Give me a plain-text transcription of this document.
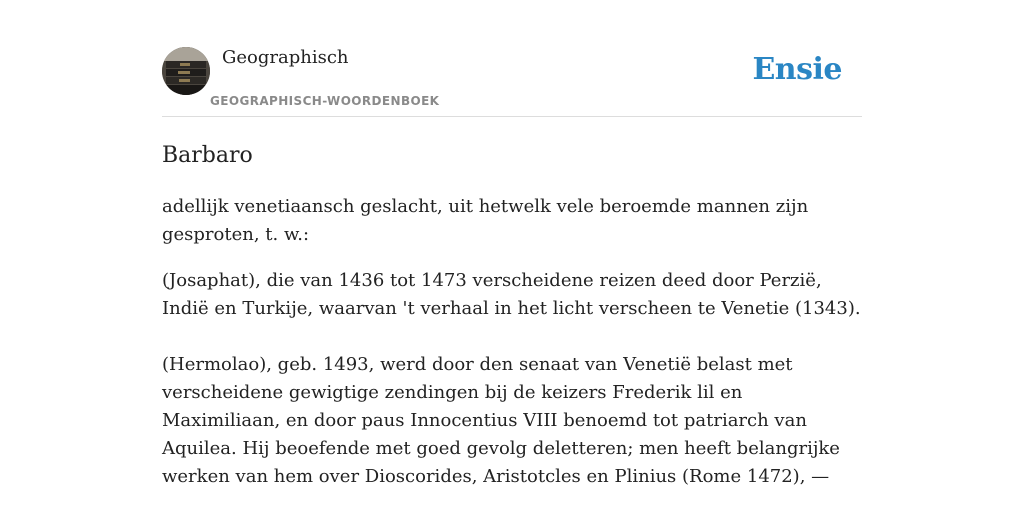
Geographisch
GEOGRAPHISCH-WOORDENBOEK
Ensie
Barbaro

adellijk venetiaansch geslacht, uit hetwelk vele beroemde mannen zijn gesproten, t. w.:

(Josaphat), die van 1436 tot 1473 verscheidene reizen deed door Perzië, Indië en Turkije, waarvan 't verhaal in het licht verscheen te Venetie (1343).

(Hermolao), geb. 1493, werd door den senaat van Venetië belast met verscheidene gewigtige zendingen bij de keizers Frederik lil en Maximiliaan, en door paus Innocentius VIII benoemd tot patriarch van Aquilea. Hij beoefende met goed gevolg deletteren; men heeft belangrijke werken van hem over Dioscorides, Aristotcles en Plinius (Rome 1472), —
